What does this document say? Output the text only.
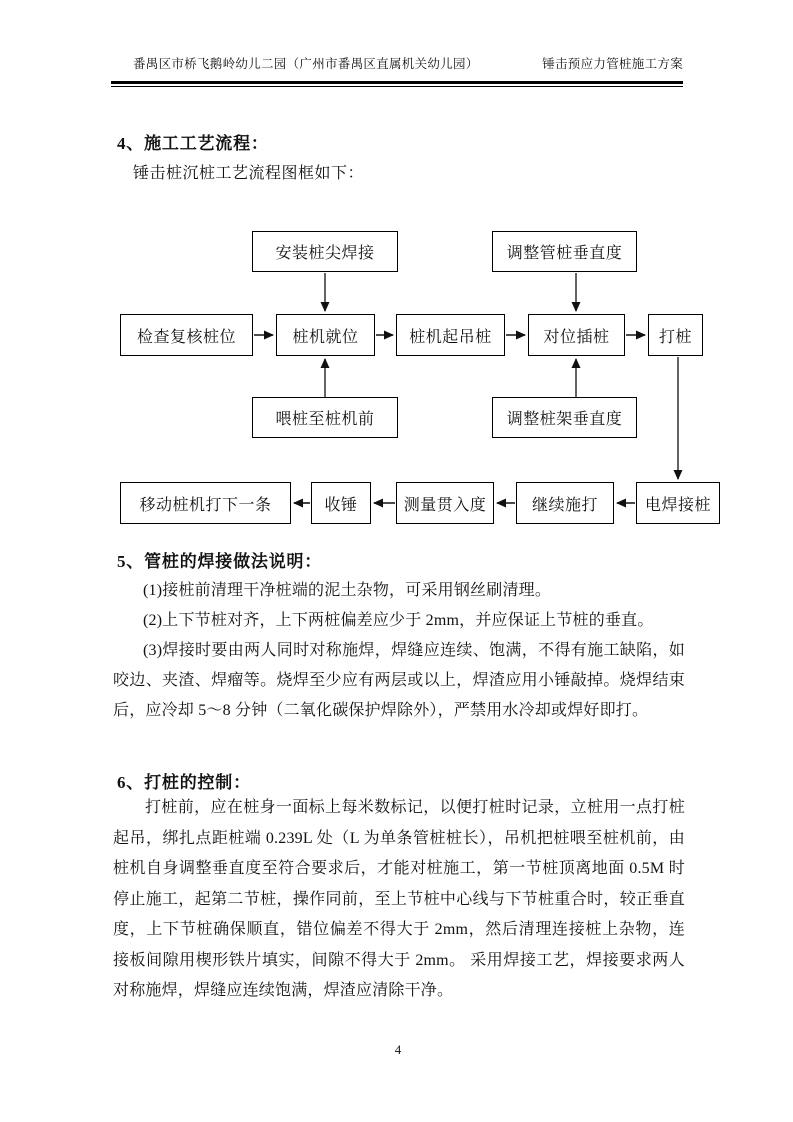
番禺区市桥飞鹅岭幼儿二园（广州市番禺区直属机关幼儿园）	锤击预应力管桩施工方案
4、施工工艺流程：
锤击桩沉桩工艺流程图框如下：
安装桩尖焊接	调整管桩垂直度
检查复核桩位	桩机就位	桩机起吊桩	对位插桩	打桩
喂桩至桩机前	调整桩架垂直度
电焊接桩
继续施打
测量贯入度
收锤
移动桩机打下一条
5、管桩的焊接做法说明：
(1)接桩前清理干净桩端的泥土杂物，可采用钢丝刷清理。
(2)上下节桩对齐，上下两桩偏差应少于 2mm，并应保证上节桩的垂直。
(3)焊接时要由两人同时对称施焊，焊缝应连续、饱满，不得有施工缺陷，如咬边、夹渣、焊瘤等。烧焊至少应有两层或以上，焊渣应用小锤敲掉。烧焊结束后，应冷却 5～8 分钟（二氧化碳保护焊除外），严禁用水冷却或焊好即打。
6、打桩的控制：
打桩前，应在桩身一面标上每米数标记，以便打桩时记录，立桩用一点打桩起吊，绑扎点距桩端 0.239L 处（L 为单条管桩桩长），吊机把桩喂至桩机前，由桩机自身调整垂直度至符合要求后，才能对桩施工，第一节桩顶离地面 0.5M 时停止施工，起第二节桩，操作同前，至上节桩中心线与下节桩重合时，较正垂直度，上下节桩确保顺直，错位偏差不得大于 2mm，然后清理连接桩上杂物，连接板间隙用楔形铁片填实，间隙不得大于 2mm。 采用焊接工艺，焊接要求两人对称施焊，焊缝应连续饱满，焊渣应清除干净。
4
